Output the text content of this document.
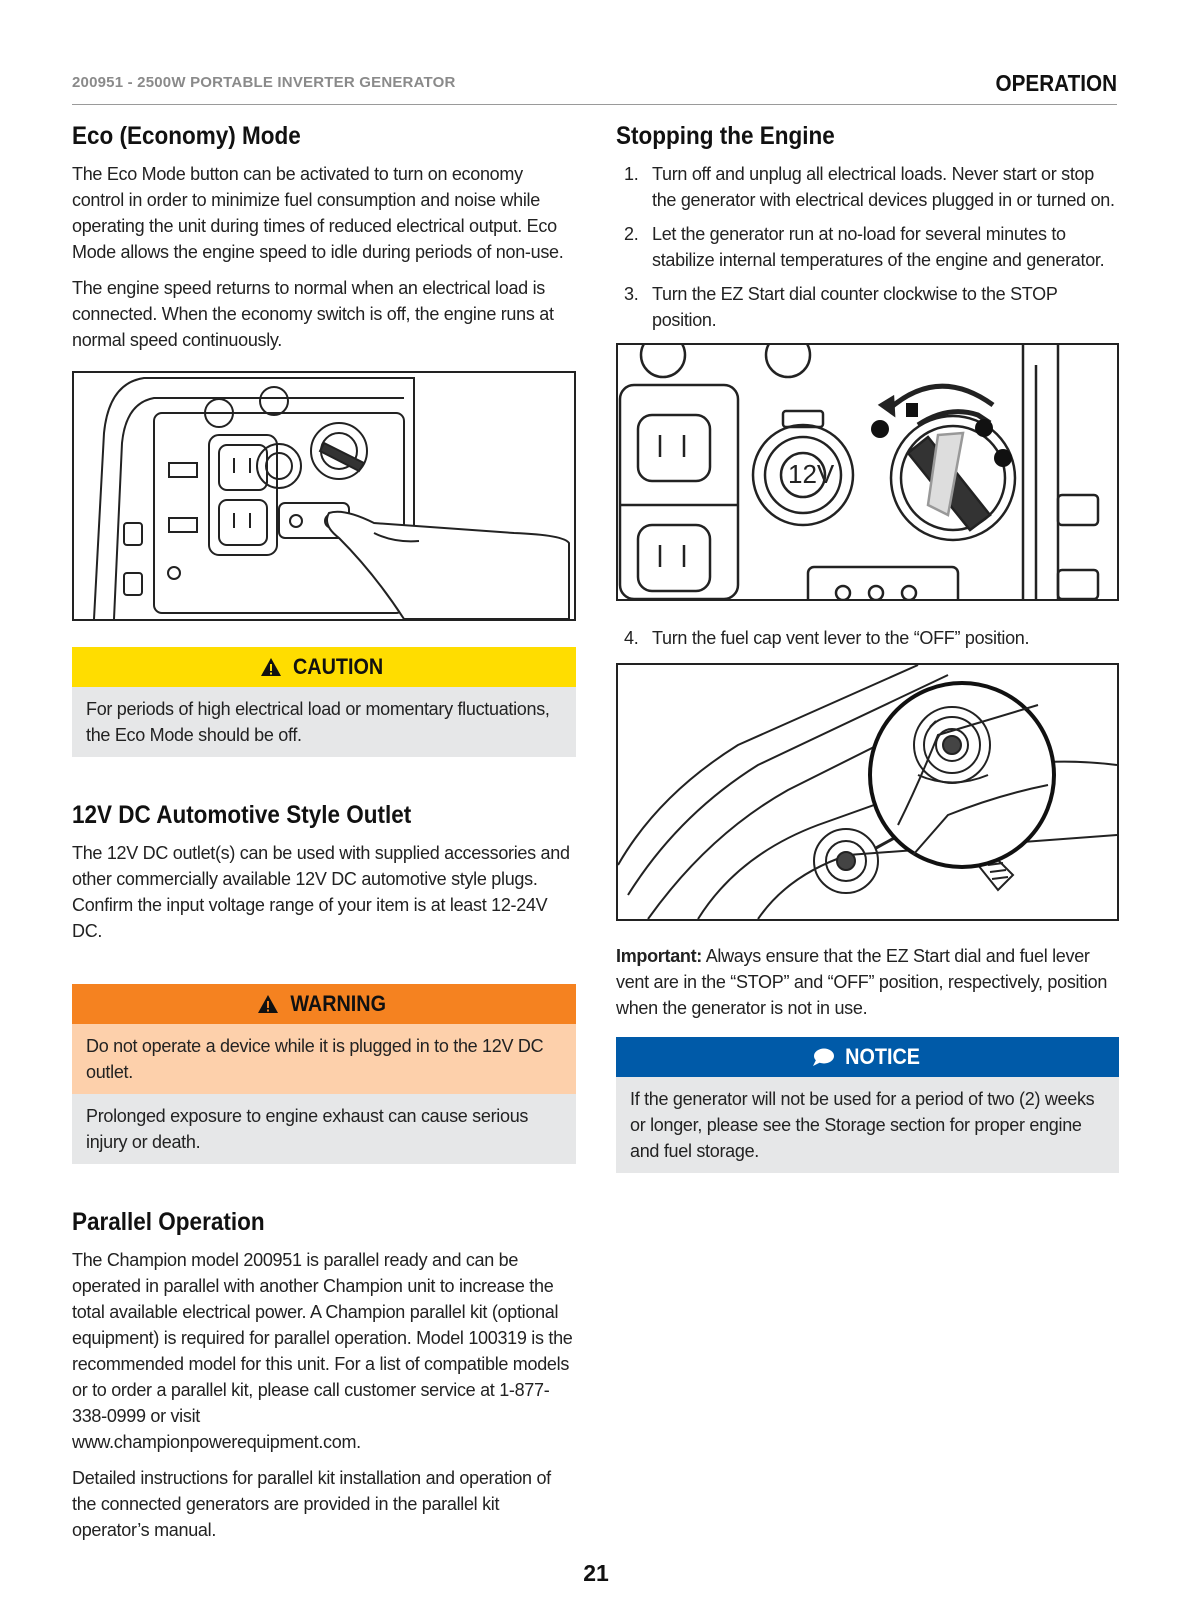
200951 - 2500W PORTABLE INVERTER GENERATOR	OPERATION
Eco (Economy) Mode

The Eco Mode button can be activated to turn on economy control in order to minimize fuel consumption and noise while operating the unit during times of reduced electrical output. Eco Mode allows the engine speed to idle during periods of non-use.

The engine speed returns to normal when an electrical load is connected. When the economy switch is off, the engine runs at normal speed continuously.

CAUTION
For periods of high electrical load or momentary fluctuations, the Eco Mode should be off.
12V DC Automotive Style Outlet

The 12V DC outlet(s) can be used with supplied accessories and other commercially available 12V DC automotive style plugs. Confirm the input voltage range of your item is at least 12-24V DC.

WARNING
Do not operate a device while it is plugged in to the 12V DC outlet.
Prolonged exposure to engine exhaust can cause serious injury or death.
Parallel Operation

The Champion model 200951 is parallel ready and can be operated in parallel with another Champion unit to increase the total available electrical power. A Champion parallel kit (optional equipment) is required for parallel operation. Model 100319 is the recommended model for this unit. For a list of compatible models or to order a parallel kit, please call customer service at 1-877-338-0999 or visit
www.championpowerequipment.com.

Detailed instructions for parallel kit installation and operation of the connected generators are provided in the parallel kit operator’s manual.

Stopping the Engine
1. Turn off and unplug all electrical loads. Never start or stop the generator with electrical devices plugged in or turned on.
2. Let the generator run at no-load for several minutes to stabilize internal temperatures of the engine and generator.
3. Turn the EZ Start dial counter clockwise to the STOP position.
12V
4. Turn the fuel cap vent lever to the “OFF” position.

Important: Always ensure that the EZ Start dial and fuel lever vent are in the “STOP” and “OFF” position, respectively, position when the generator is not in use.

NOTICE
If the generator will not be used for a period of two (2) weeks or longer, please see the Storage section for proper engine and fuel storage.
21
